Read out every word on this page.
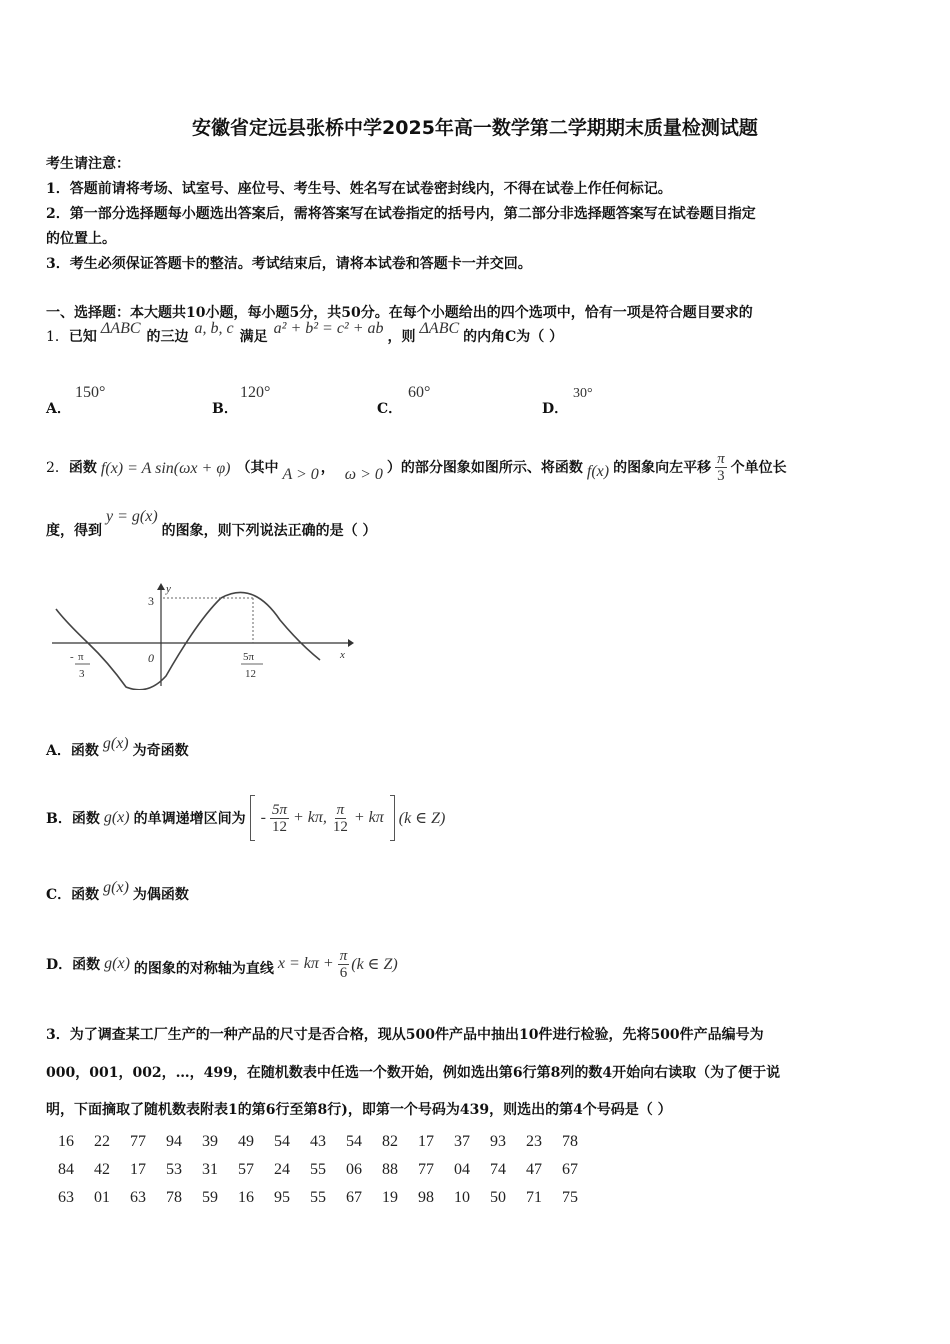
安徽省定远县张桥中学2025年高一数学第二学期期末质量检测试题
考生请注意：
1．答题前请将考场、试室号、座位号、考生号、姓名写在试卷密封线内，不得在试卷上作任何标记。
2．第一部分选择题每小题选出答案后，需将答案写在试卷指定的括号内，第二部分非选择题答案写在试卷题目指定
的位置上。
3．考生必须保证答题卡的整洁。考试结束后，请将本试卷和答题卡一并交回。
一、选择题：本大题共10小题，每小题5分，共50分。在每个小题给出的四个选项中，恰有一项是符合题目要求的
1． 已知 ΔABC 的三边 a, b, c 满足 a² + b² = c² + ab ，则 ΔABC 的内角C为（ ）
A．
150°
B．
120°
C．
60°
D．
30°
2． 函数 f(x) = A sin(ωx + φ) （其中 A > 0 ， ω > 0 ）的部分图象如图所示、将函数 f(x) 的图象向左平移 $\frac{\pi}{3}$ 个单位长
度，得到
y = g(x)
的图象，则下列说法正确的是（ ）
y
x
3
0
- π
3
5π
12
A． 函数 g(x) 为奇函数
B． 函数 g(x) 的单调递增区间为 - $\frac{5\pi}{12} + k\pi$, $\frac{\pi}{12} + k\pi$ (k ∈ Z)
C． 函数 g(x) 为偶函数
D． 函数 g(x) 的图象的对称轴为直线 $x = k\pi + \frac{\pi}{6} (k$ ∈ Z)
3．为了调查某工厂生产的一种产品的尺寸是否合格，现从500件产品中抽出10件进行检验，先将500件产品编号为
000，001，002，…，499，在随机数表中任选一个数开始，例如选出第6行第8列的数4开始向右读取（为了便于说
明，下面摘取了随机数表附表1的第6行至第8行)，即第一个号码为439，则选出的第4个号码是（ ）
16	22	77	94	39	49	54	43	54	82	17	37	93	23	78
84	42	17	53	31	57	24	55	06	88	77	04	74	47	67
63	01	63	78	59	16	95	55	67	19	98	10	50	71	75
